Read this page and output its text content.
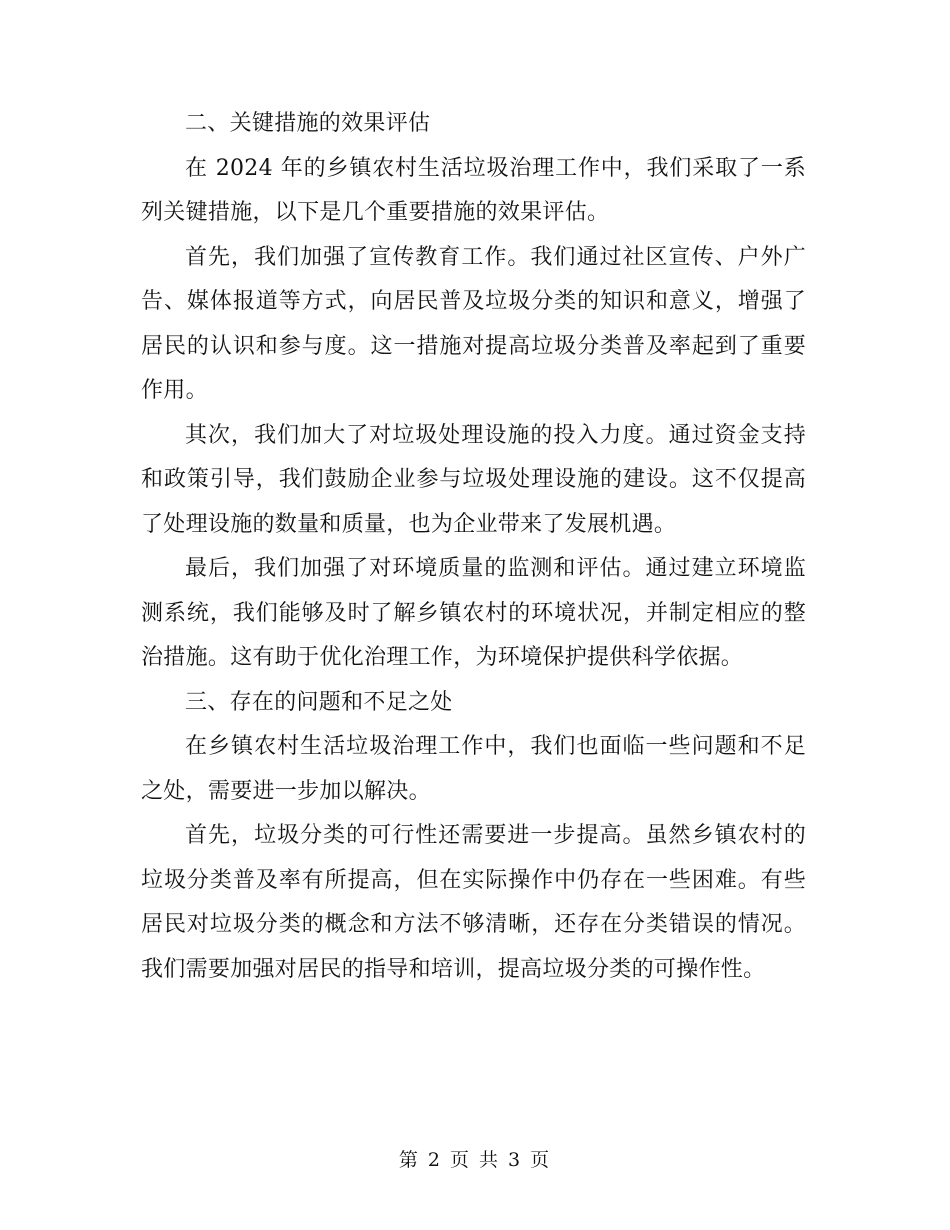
二、关键措施的效果评估

在 2024 年的乡镇农村生活垃圾治理工作中，我们采取了一系列关键措施，以下是几个重要措施的效果评估。

首先，我们加强了宣传教育工作。我们通过社区宣传、户外广告、媒体报道等方式，向居民普及垃圾分类的知识和意义，增强了居民的认识和参与度。这一措施对提高垃圾分类普及率起到了重要作用。

其次，我们加大了对垃圾处理设施的投入力度。通过资金支持和政策引导，我们鼓励企业参与垃圾处理设施的建设。这不仅提高了处理设施的数量和质量，也为企业带来了发展机遇。

最后，我们加强了对环境质量的监测和评估。通过建立环境监测系统，我们能够及时了解乡镇农村的环境状况，并制定相应的整治措施。这有助于优化治理工作，为环境保护提供科学依据。

三、存在的问题和不足之处

在乡镇农村生活垃圾治理工作中，我们也面临一些问题和不足之处，需要进一步加以解决。

首先，垃圾分类的可行性还需要进一步提高。虽然乡镇农村的垃圾分类普及率有所提高，但在实际操作中仍存在一些困难。有些居民对垃圾分类的概念和方法不够清晰，还存在分类错误的情况。我们需要加强对居民的指导和培训，提高垃圾分类的可操作性。

第 2 页 共 3 页
